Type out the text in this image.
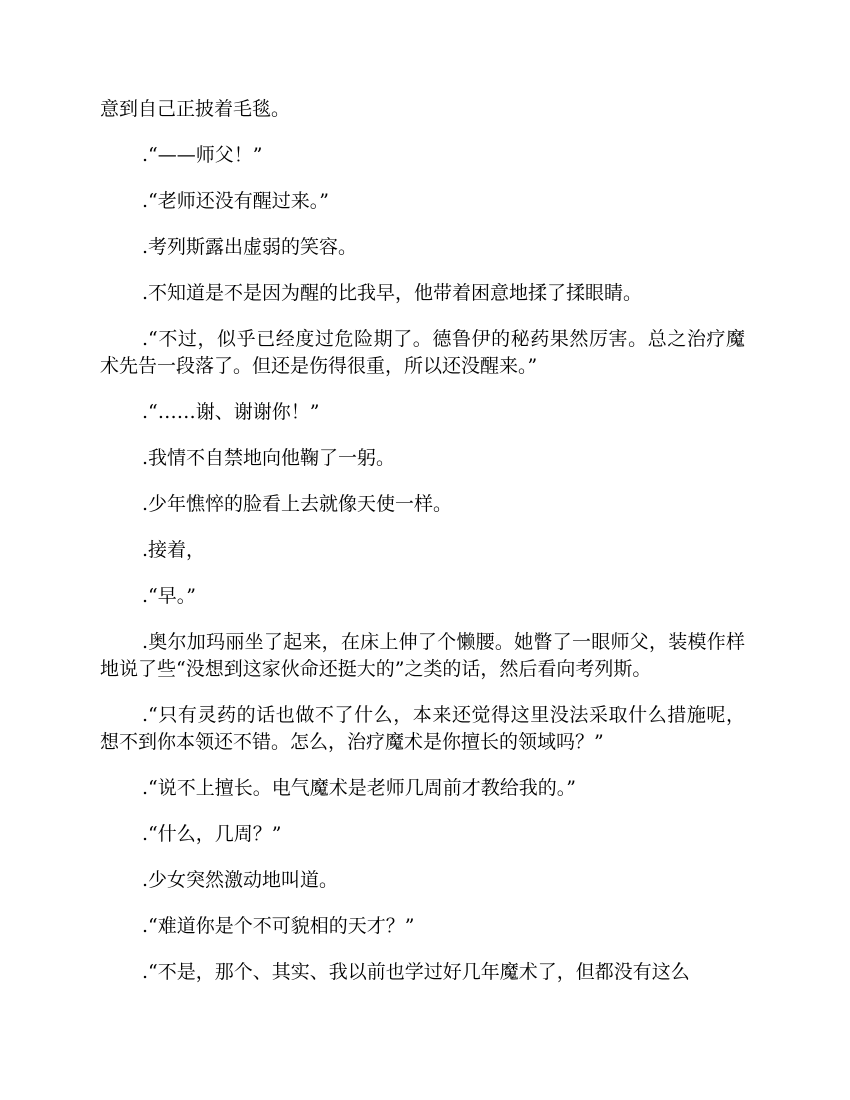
意到自己正披着毛毯。

.“——师父！”

.“老师还没有醒过来。”

.考列斯露出虚弱的笑容。

.不知道是不是因为醒的比我早，他带着困意地揉了揉眼睛。

.“不过，似乎已经度过危险期了。德鲁伊的秘药果然厉害。总之治疗魔术先告一段落了。但还是伤得很重，所以还没醒来。”

.“……谢、谢谢你！”

.我情不自禁地向他鞠了一躬。

.少年憔悴的脸看上去就像天使一样。

.接着，

.“早。”

.奥尔加玛丽坐了起来，在床上伸了个懒腰。她瞥了一眼师父，装模作样地说了些“没想到这家伙命还挺大的”之类的话，然后看向考列斯。

.“只有灵药的话也做不了什么，本来还觉得这里没法采取什么措施呢，想不到你本领还不错。怎么，治疗魔术是你擅长的领域吗？”

.“说不上擅长。电气魔术是老师几周前才教给我的。”

.“什么，几周？”

.少女突然激动地叫道。

.“难道你是个不可貌相的天才？”

.“不是，那个、其实、我以前也学过好几年魔术了，但都没有这么
